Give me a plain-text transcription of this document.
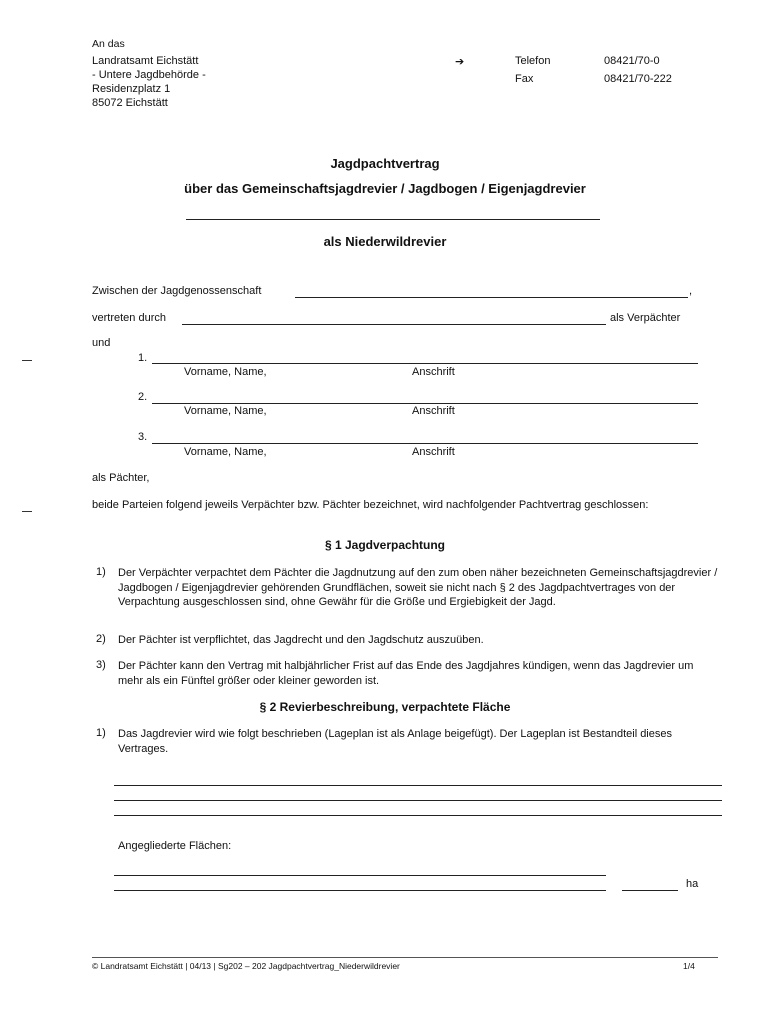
An das
Landratsamt Eichstätt
- Untere Jagdbehörde -
Residenzplatz 1
85072 Eichstätt
➔	Telefon	08421/70-0
Fax	08421/70-222
Jagdpachtvertrag
über das Gemeinschaftsjagdrevier / Jagdbogen / Eigenjagdrevier
als Niederwildrevier
Zwischen der Jagdgenossenschaft	,
vertreten durch	als Verpächter
und
1.
Vorname, Name,	Anschrift
2.
Vorname, Name,	Anschrift
3.
Vorname, Name,	Anschrift
als Pächter,
beide Parteien folgend jeweils Verpächter bzw. Pächter bezeichnet, wird nachfolgender Pachtvertrag geschlossen:
§ 1 Jagdverpachtung
1) Der Verpächter verpachtet dem Pächter die Jagdnutzung auf den zum oben näher bezeichneten Gemeinschaftsjagdrevier / Jagdbogen / Eigenjagdrevier gehörenden Grundflächen, soweit sie nicht nach § 2 des Jagdpachtvertrages von der Verpachtung ausgeschlossen sind, ohne Gewähr für die Größe und Ergiebigkeit der Jagd.
2) Der Pächter ist verpflichtet, das Jagdrecht und den Jagdschutz auszuüben.
3) Der Pächter kann den Vertrag mit halbjährlicher Frist auf das Ende des Jagdjahres kündigen, wenn das Jagdrevier um mehr als ein Fünftel größer oder kleiner geworden ist.
§ 2 Revierbeschreibung, verpachtete Fläche
1) Das Jagdrevier wird wie folgt beschrieben (Lageplan ist als Anlage beigefügt). Der Lageplan ist Bestandteil dieses Vertrages.
Angegliederte Flächen:
ha
© Landratsamt Eichstätt | 04/13 | Sg202 – 202 Jagdpachtvertrag_Niederwildrevier	1/4
